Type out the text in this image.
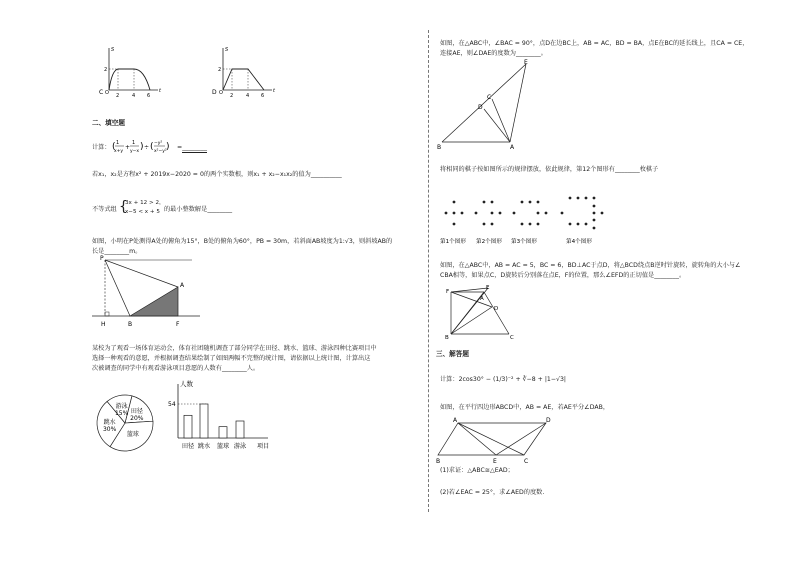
C O
S
t
2
2	4 6	D O
S
t
2
2	4 6
二、填空题
计算： ( 1
x+y
+
1
y−x ) ÷ ( −y²
x²−y² ) =________
若x₁，x₂是方程x² + 2019x−2020 = 0的两个实数根，则x₁ + x₂−x₁x₂的值为__________
不等式组 {
3x + 12 > 2，
x−5 < x + 5 的最小整数解是________
如图，小明在P处测得A处的俯角为15°，B处的俯角为60°，PB = 30m，若斜面AB坡度为1:√3，则斜坡AB的
长是________m。
P
A
H	B	F
某校为了观看一场体育运动会，体育社团随机调查了部分同学在田径、跳水、篮球、游泳四种比赛项目中
选择一种观看的意愿，并根据调查结果绘制了如图两幅不完整的统计图，请依据以上统计图，计算出这
次被调查的同学中有观看游泳项目意愿的人数有________人。
田径
20%
篮球
跳水
30%
游泳
15%
人数
54
田径 跳水 篮球 游泳 项目
如图，在△ABC中，∠BAC = 90°，点D在边BC上，AB = AC，BD = BA，点E在BC的延长线上，且CA = CE，
连接AE，则∠DAE的度数为________。
E
D
C
B	A
将相同的棋子按如图所示的规律摆放，依此规律，第12个图形有________枚棋子
第1个图形 第2个图形 第3个图形	第4个图形
如图，在△ABC中，AB = AC = 5，BC = 6，BD⊥AC于点D，将△BCD绕点B逆时针旋转，旋转角的大小与∠
CBA相等，如果点C，D旋转后分别落在点E，F的位置，那么∠EFD的正切值是________。
F
A
E
D
B	C
三、解答题
计算：2cos30° − (1/3)⁻² + ∛−8 + |1−√3|
如图，在平行四边形ABCD中，AB = AE，若AE平分∠DAB，
A	D
B	E	C
(1)求证：△ABC≅△EAD；
(2)若∠EAC = 25°，求∠AED的度数.
